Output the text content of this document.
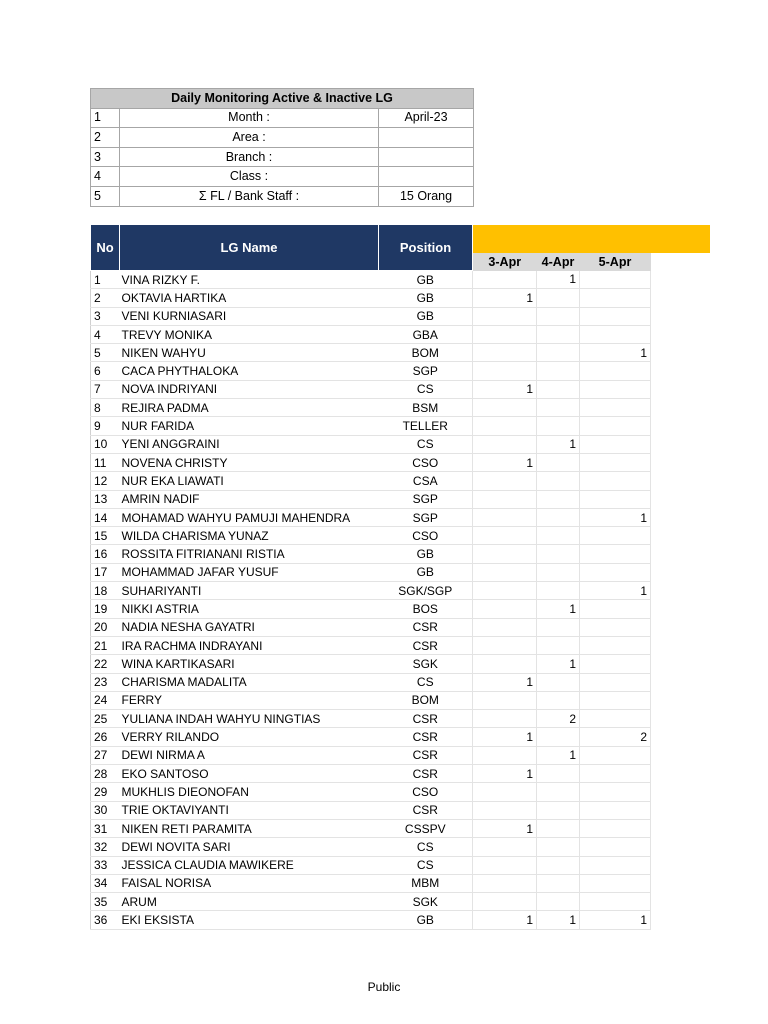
Daily Monitoring Active & Inactive LG		
1	Month :	April-23
2	Area :	
3	Branch :	
4	Class :	
5	Σ FL / Bank Staff :	15 Orang
No	LG Name	Position				
			3-Apr	4-Apr	5-Apr	
1	VINA RIZKY F.	GB		1		
2	OKTAVIA HARTIKA	GB	1			
3	VENI KURNIASARI	GB				
4	TREVY MONIKA	GBA				
5	NIKEN WAHYU	BOM			1	
6	CACA PHYTHALOKA	SGP				
7	NOVA INDRIYANI	CS	1			
8	REJIRA PADMA	BSM				
9	NUR FARIDA	TELLER				
10	YENI ANGGRAINI	CS		1		
11	NOVENA CHRISTY	CSO	1			
12	NUR EKA LIAWATI	CSA				
13	AMRIN NADIF	SGP				
14	MOHAMAD WAHYU PAMUJI MAHENDRA	SGP			1	
15	WILDA CHARISMA YUNAZ	CSO				
16	ROSSITA FITRIANANI RISTIA	GB				
17	MOHAMMAD JAFAR YUSUF	GB				
18	SUHARIYANTI	SGK/SGP			1	
19	NIKKI ASTRIA	BOS		1		
20	NADIA NESHA GAYATRI	CSR				
21	IRA RACHMA INDRAYANI	CSR				
22	WINA KARTIKASARI	SGK		1		
23	CHARISMA MADALITA	CS	1			
24	FERRY	BOM				
25	YULIANA INDAH WAHYU NINGTIAS	CSR		2		
26	VERRY RILANDO	CSR	1		2	
27	DEWI NIRMA A	CSR		1		
28	EKO SANTOSO	CSR	1			
29	MUKHLIS DIEONOFAN	CSO				
30	TRIE OKTAVIYANTI	CSR				
31	NIKEN RETI PARAMITA	CSSPV	1			
32	DEWI NOVITA SARI	CS				
33	JESSICA CLAUDIA MAWIKERE	CS				
34	FAISAL NORISA	MBM				
35	ARUM	SGK				
36	EKI EKSISTA	GB	1	1	1	
Public
